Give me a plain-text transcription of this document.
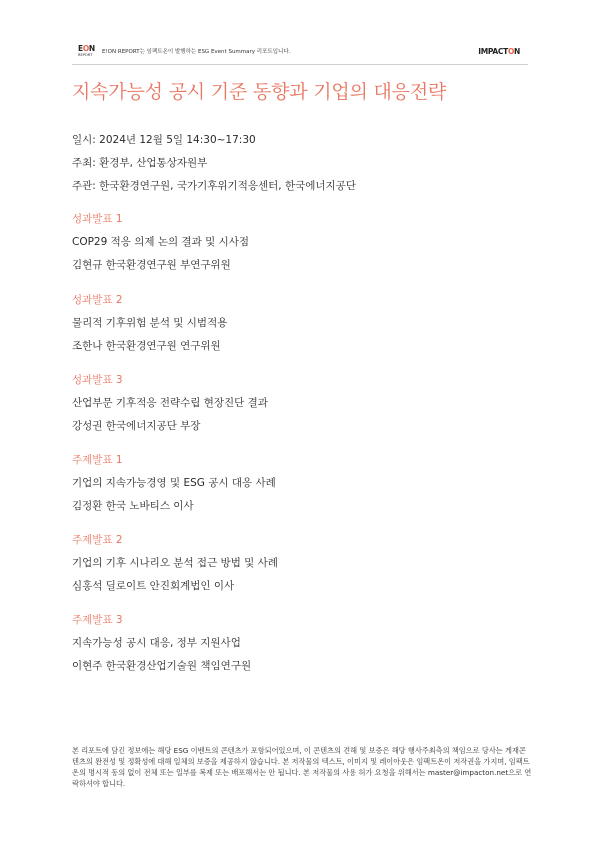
EON
REPORT E!ON REPORT는 임팩트온이 발행하는 ESG Event Summary 리포트입니다.	IMPACTON
지속가능성 공시 기준 동향과 기업의 대응전략
일시: 2024년 12월 5일 14:30~17:30
주최: 환경부, 산업통상자원부
주관: 한국환경연구원, 국가기후위기적응센터, 한국에너지공단
성과발표 1
COP29 적응 의제 논의 결과 및 시사점
김현규 한국환경연구원 부연구위원
성과발표 2
물리적 기후위험 분석 및 시범적용
조한나 한국환경연구원 연구위원
성과발표 3
산업부문 기후적응 전략수립 현장진단 결과
강성권 한국에너지공단 부장
주제발표 1
기업의 지속가능경영 및 ESG 공시 대응 사례
김정환 한국 노바티스 이사
주제발표 2
기업의 기후 시나리오 분석 접근 방법 및 사례
심홍석 딜로이트 안진회계법인 이사
주제발표 3
지속가능성 공시 대응, 정부 지원사업
이현주 한국환경산업기술원 책임연구원
본 리포트에 담긴 정보에는 해당 ESG 이벤트의 콘텐츠가 포함되어있으며, 이 콘텐츠의 견해 및 보증은 해당 행사주최측의 책임으로 당사는 게재콘텐츠의 완전성 및 정확성에 대해 일체의 보증을 제공하지 않습니다. 본 저작물의 텍스트, 이미지 및 레이아웃은 임팩트온이 저작권을 가지며, 임팩트온의 명시적 동의 없이 전체 또는 일부를 복제 또는 배포해서는 안 됩니다. 본 저작물의 사용 허가 요청을 위해서는 master@impacton.net으로 연락하셔야 합니다.
